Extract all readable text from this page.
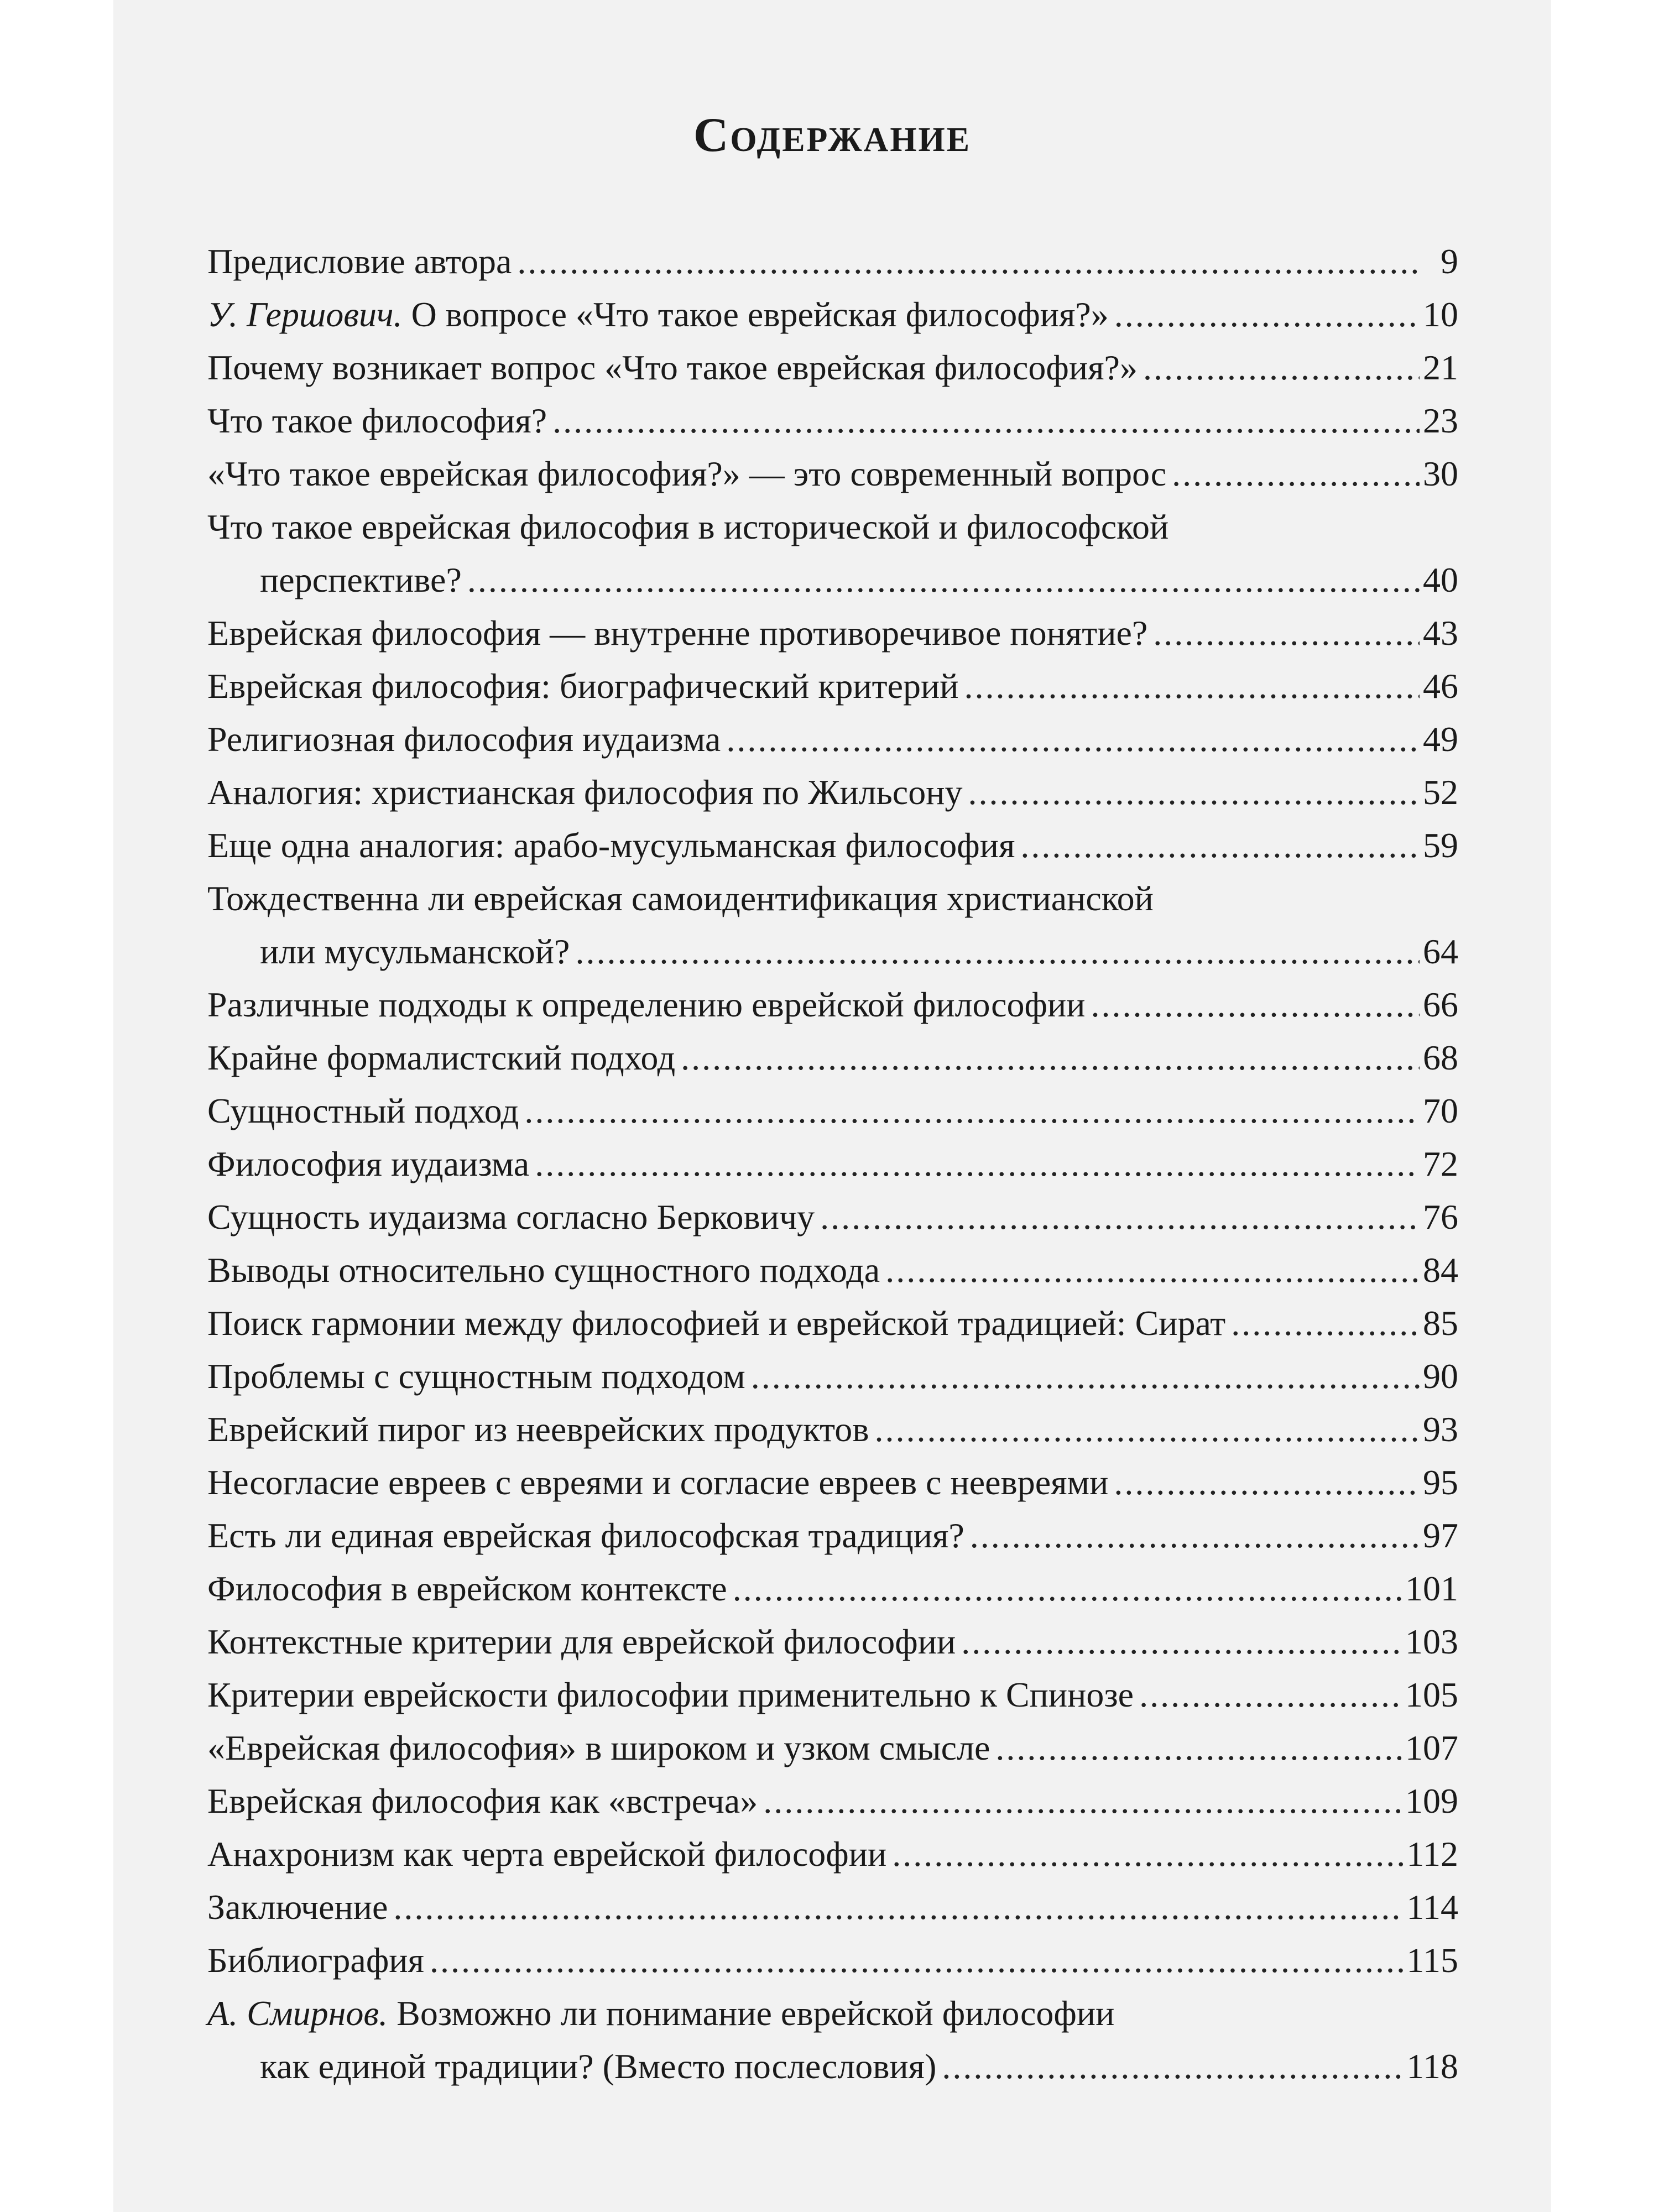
Содержание
Предисловие автора .....	9
У. Гершович. О вопросе «Что такое еврейская философия?» .....	10
Почему возникает вопрос «Что такое еврейская философия?» .....	21
Что такое философия? .....	23
«Что такое еврейская философия?» — это современный вопрос .....	30
Что такое еврейская философия в исторической и философской
перспективе? .....	40
Еврейская философия — внутренне противоречивое понятие? .....	43
Еврейская философия: биографический критерий .....	46
Религиозная философия иудаизма .....	49
Аналогия: христианская философия по Жильсону .....	52
Еще одна аналогия: арабо-мусульманская философия .....	59
Тождественна ли еврейская самоидентификация христианской
или мусульманской? .....	64
Различные подходы к определению еврейской философии .....	66
Крайне формалистский подход .....	68
Сущностный подход .....	70
Философия иудаизма .....	72
Сущность иудаизма согласно Берковичу .....	76
Выводы относительно сущностного подхода .....	84
Поиск гармонии между философией и еврейской традицией: Сират .....	85
Проблемы с сущностным подходом .....	90
Еврейский пирог из нееврейских продуктов .....	93
Несогласие евреев с евреями и согласие евреев с неевреями .....	95
Есть ли единая еврейская философская традиция? .....	97
Философия в еврейском контексте .....	101
Контекстные критерии для еврейской философии .....	103
Критерии еврейскости философии применительно к Спинозе .....	105
«Еврейская философия» в широком и узком смысле .....	107
Еврейская философия как «встреча» .....	109
Анахронизм как черта еврейской философии .....	112
Заключение .....	114
Библиография .....	115
А. Смирнов. Возможно ли понимание еврейской философии
как единой традиции? (Вместо послесловия) .....	118
